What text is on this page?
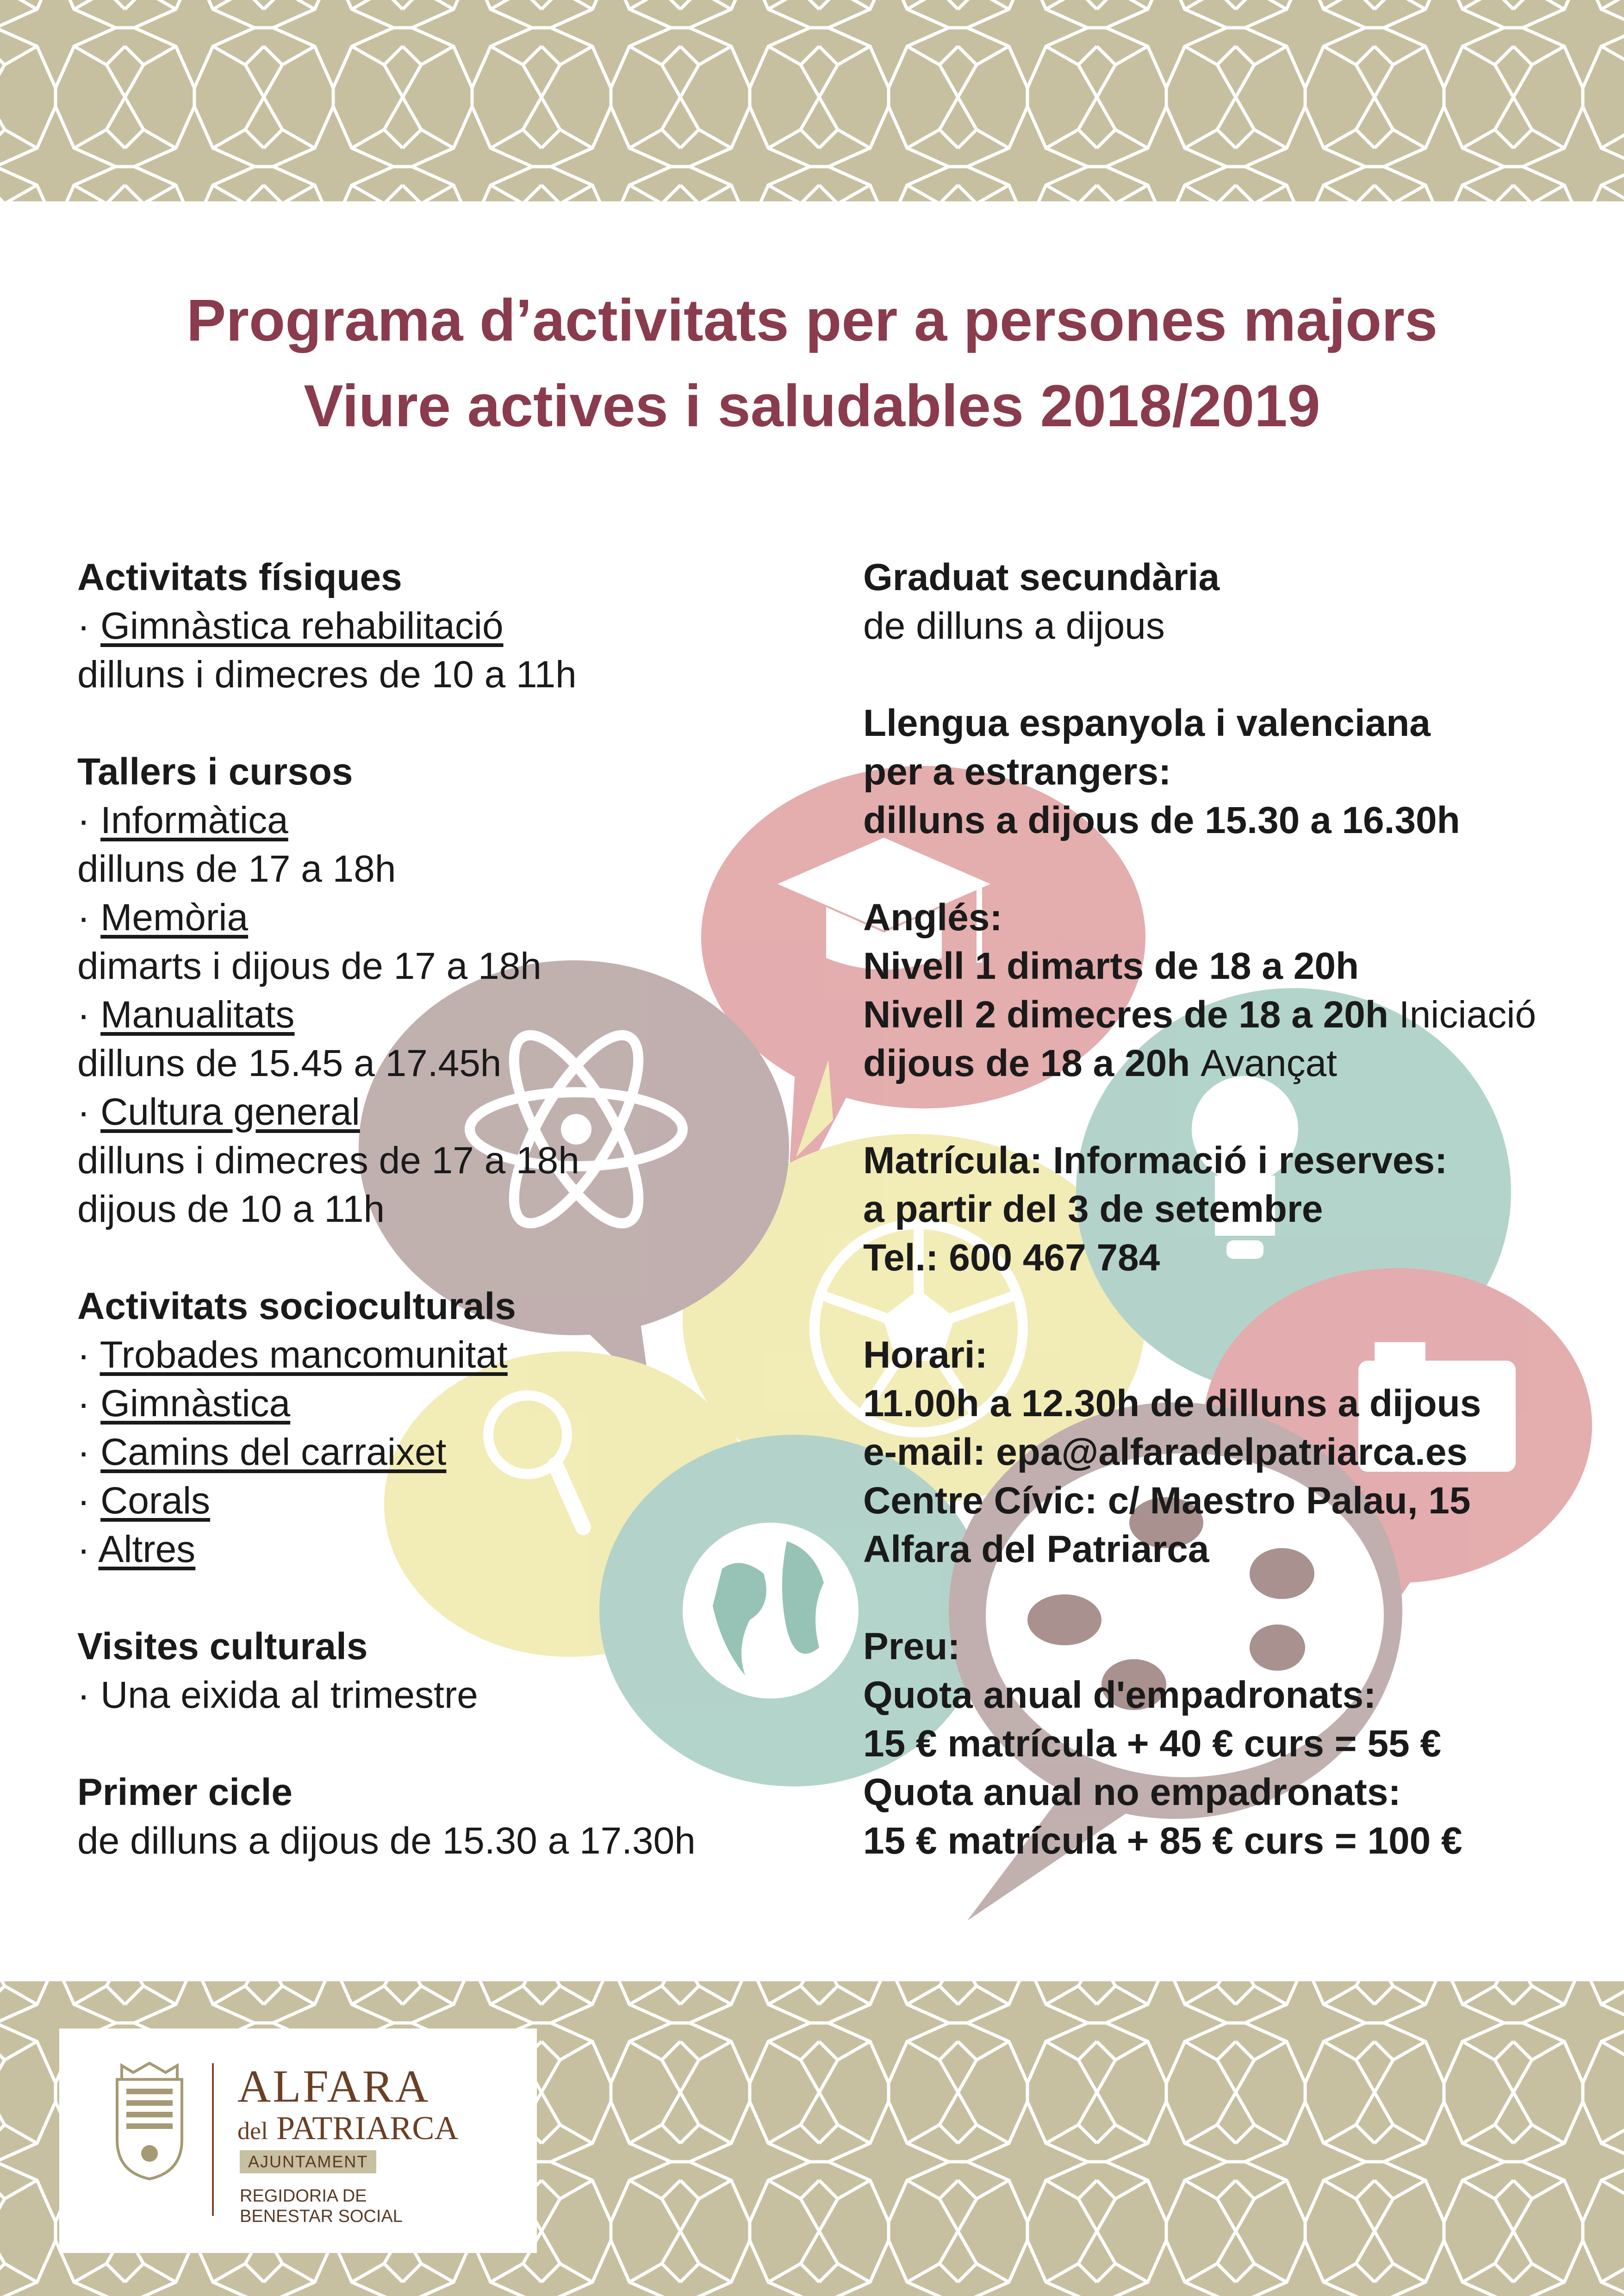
Programa d’activitats per a persones majors
Viure actives i saludables 2018/2019
Activitats físiques
· Gimnàstica rehabilitació
dilluns i dimecres de 10 a 11h
Tallers i cursos
· Informàtica
dilluns de 17 a 18h
· Memòria
dimarts i dijous de 17 a 18h
· Manualitats
dilluns de 15.45 a 17.45h
· Cultura general
dilluns i dimecres de 17 a 18h
dijous de 10 a 11h
Activitats socioculturals
· Trobades mancomunitat
· Gimnàstica
· Camins del carraixet
· Corals
· Altres
Visites culturals
· Una eixida al trimestre
Primer cicle
de dilluns a dijous de 15.30 a 17.30h
Graduat secundària
de dilluns a dijous
Llengua espanyola i valenciana
per a estrangers:
dilluns a dijous de 15.30 a 16.30h
Anglés:
Nivell 1 dimarts de 18 a 20h
Nivell 2 dimecres de 18 a 20h Iniciació
dijous de 18 a 20h Avançat
Matrícula: Informació i reserves:
a partir del 3 de setembre
Tel.: 600 467 784
Horari:
11.00h a 12.30h de dilluns a dijous
e-mail: epa@alfaradelpatriarca.es
Centre Cívic: c/ Maestro Palau, 15
Alfara del Patriarca
Preu:
Quota anual d'empadronats:
15 € matrícula + 40 € curs = 55 €
Quota anual no empadronats:
15 € matrícula + 85 € curs = 100 €
ALFARA
del PATRIARCA
AJUNTAMENT
REGIDORIA DE
BENESTAR SOCIAL
